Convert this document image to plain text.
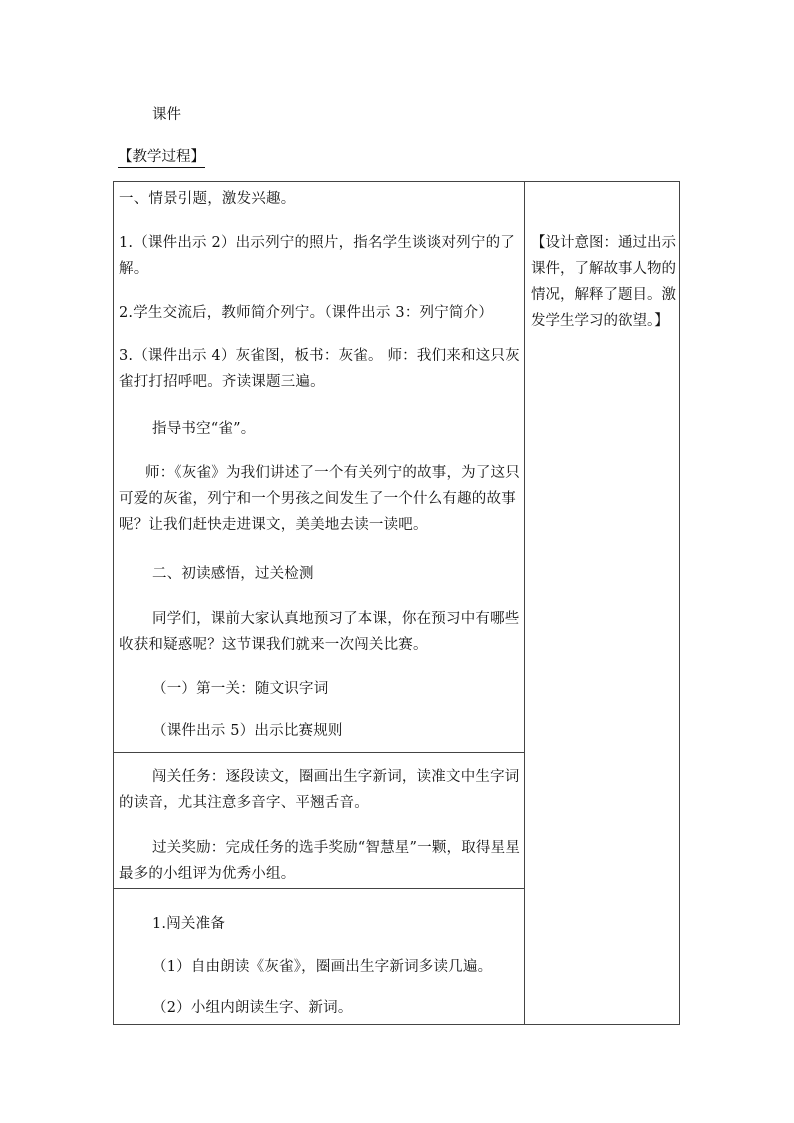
课件
【教学过程】

一、情景引题，激发兴趣。

1.（课件出示 2）出示列宁的照片，指名学生谈谈对列宁的了解。

2.学生交流后，教师简介列宁。（课件出示 3：列宁简介）

3.（课件出示 4）灰雀图，板书：灰雀。 师：我们来和这只灰雀打打招呼吧。齐读课题三遍。

指导书空“雀”。

师：《灰雀》为我们讲述了一个有关列宁的故事，为了这只可爱的灰雀，列宁和一个男孩之间发生了一个什么有趣的故事呢？让我们赶快走进课文，美美地去读一读吧。

二、初读感悟，过关检测

同学们，课前大家认真地预习了本课，你在预习中有哪些收获和疑惑呢？这节课我们就来一次闯关比赛。

（一）第一关：随文识字词

（课件出示 5）出示比赛规则

闯关任务：逐段读文，圈画出生字新词，读准文中生字词的读音，尤其注意多音字、平翘舌音。

过关奖励：完成任务的选手奖励“智慧星”一颗，取得星星最多的小组评为优秀小组。

1.闯关准备

（1）自由朗读《灰雀》，圈画出生字新词多读几遍。

（2）小组内朗读生字、新词。

【设计意图：通过出示课件，了解故事人物的情况，解释了题目。激发学生学习的欲望。】
